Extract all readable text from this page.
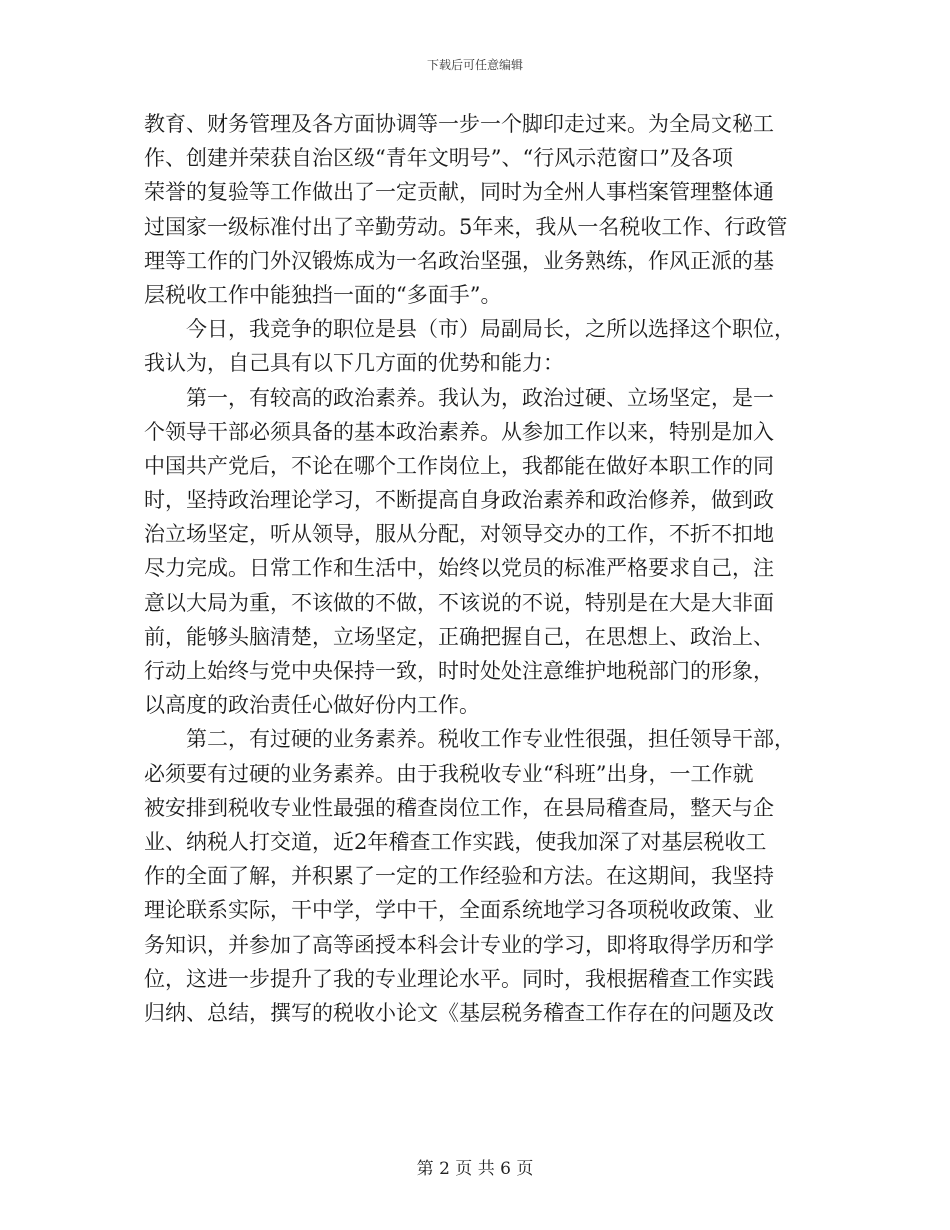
下载后可任意编辑

教育、财务管理及各方面协调等一步一个脚印走过来。为全局文秘工
作、创建并荣获自治区级“青年文明号”、“行风示范窗口”及各项
荣誉的复验等工作做出了一定贡献，同时为全州人事档案管理整体通
过国家一级标准付出了辛勤劳动。5年来，我从一名税收工作、行政管
理等工作的门外汉锻炼成为一名政治坚强，业务熟练，作风正派的基
层税收工作中能独挡一面的“多面手”。
　　今日，我竞争的职位是县（市）局副局长，之所以选择这个职位，
我认为，自己具有以下几方面的优势和能力：
　　第一，有较高的政治素养。我认为，政治过硬、立场坚定，是一
个领导干部必须具备的基本政治素养。从参加工作以来，特别是加入
中国共产党后，不论在哪个工作岗位上，我都能在做好本职工作的同
时，坚持政治理论学习，不断提高自身政治素养和政治修养，做到政
治立场坚定，听从领导，服从分配，对领导交办的工作，不折不扣地
尽力完成。日常工作和生活中，始终以党员的标准严格要求自己，注
意以大局为重，不该做的不做，不该说的不说，特别是在大是大非面
前，能够头脑清楚，立场坚定，正确把握自己，在思想上、政治上、
行动上始终与党中央保持一致，时时处处注意维护地税部门的形象，
以高度的政治责任心做好份内工作。
　　第二，有过硬的业务素养。税收工作专业性很强，担任领导干部，
必须要有过硬的业务素养。由于我税收专业“科班”出身，一工作就
被安排到税收专业性最强的稽查岗位工作，在县局稽查局，整天与企
业、纳税人打交道，近2年稽查工作实践，使我加深了对基层税收工
作的全面了解，并积累了一定的工作经验和方法。在这期间，我坚持
理论联系实际，干中学，学中干，全面系统地学习各项税收政策、业
务知识，并参加了高等函授本科会计专业的学习，即将取得学历和学
位，这进一步提升了我的专业理论水平。同时，我根据稽查工作实践
归纳、总结，撰写的税收小论文《基层税务稽查工作存在的问题及改

第 2 页 共 6 页
